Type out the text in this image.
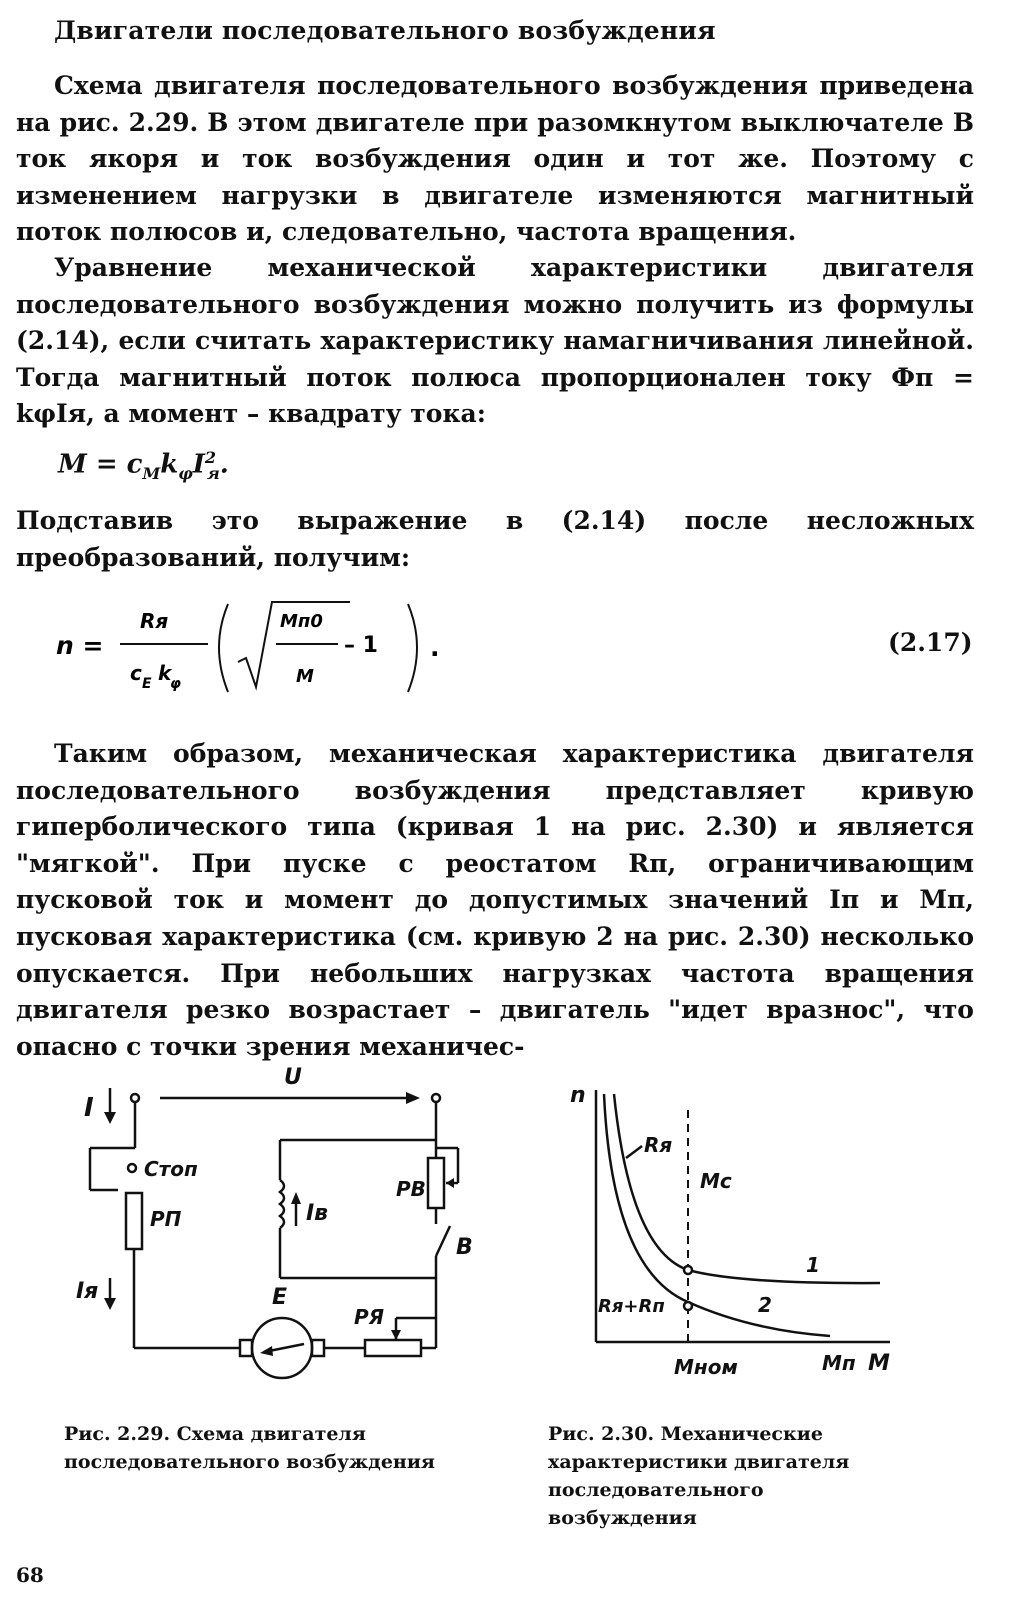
Двигатели последовательного возбуждения

Схема двигателя последовательного возбуждения приведена на рис. 2.29. В этом двигателе при разомкнутом выключателе B ток якоря и ток возбуждения один и тот же. Поэтому с изменением нагрузки в двигателе изменяются магнитный поток полюсов и, следовательно, частота вращения.

Уравнение механической характеристики двигателя последовательного возбуждения можно получить из формулы (2.14), если считать характеристику намагничивания линейной. Тогда магнитный поток полюса пропорционален току Фп = kφIя, а момент – квадрату тока:

$M = c_Mk_\varphi I^2_я$.

Подставив это выражение в (2.14) после несложных преобразований, получим:

n =
Rя
c E k
φ
Mп0
M
– 1 .	(2.17)

Таким образом, механическая характеристика двигателя последовательного возбуждения представляет кривую гиперболического типа (кривая 1 на рис. 2.30) и является "мягкой". При пуске с реостатом Rп, ограничивающим пусковой ток и момент до допустимых значений Iп и Mп, пусковая характеристика (см. кривую 2 на рис. 2.30) несколько опускается. При небольших нагрузках частота вращения двигателя резко возрастает – двигатель "идет вразнос", что опасно с точки зрения механичес-

I
U
Стоп
РП
Iя
Iв
РВ
B
E
РЯ
Рис. 2.29. Схема двигателя последовательного возбуждения
n
Rя
Mс
1
2
Rя+Rп
Mном	Mп M
Рис. 2.30. Механические характеристики двигателя последовательного возбуждения
68
